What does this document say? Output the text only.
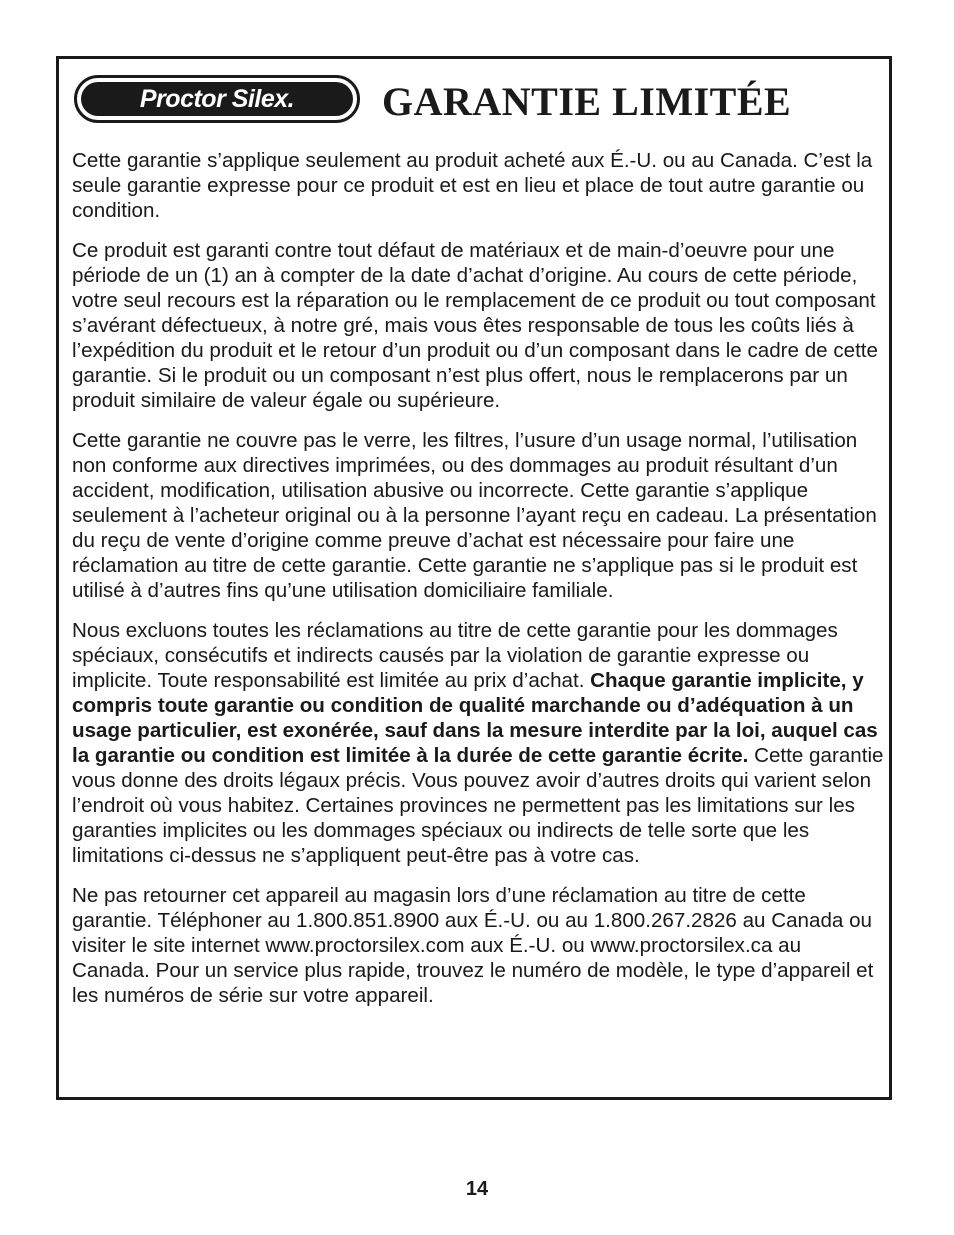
Proctor Silex. GARANTIE LIMITÉE

Cette garantie s’applique seulement au produit acheté aux É.-U. ou au Canada. C’est la seule garantie expresse pour ce produit et est en lieu et place de tout autre garantie ou condition.

Ce produit est garanti contre tout défaut de matériaux et de main-d’oeuvre pour une période de un (1) an à compter de la date d’achat d’origine. Au cours de cette période, votre seul recours est la réparation ou le remplacement de ce produit ou tout composant s’avérant défectueux, à notre gré, mais vous êtes responsable de tous les coûts liés à l’expédition du produit et le retour d’un produit ou d’un composant dans le cadre de cette garantie. Si le produit ou un composant n’est plus offert, nous le remplacerons par un produit similaire de valeur égale ou supérieure.

Cette garantie ne couvre pas le verre, les filtres, l’usure d’un usage normal, l’utilisation non conforme aux directives imprimées, ou des dommages au produit résultant d’un accident, modification, utilisation abusive ou incorrecte. Cette garantie s’applique seulement à l’acheteur original ou à la personne l’ayant reçu en cadeau. La présentation du reçu de vente d’origine comme preuve d’achat est nécessaire pour faire une réclamation au titre de cette garantie. Cette garantie ne s’applique pas si le produit est utilisé à d’autres fins qu’une utilisation domiciliaire familiale.

Nous excluons toutes les réclamations au titre de cette garantie pour les dommages spéciaux, consécutifs et indirects causés par la violation de garantie expresse ou implicite. Toute responsabilité est limitée au prix d’achat. Chaque garantie implicite, y compris toute garantie ou condition de qualité marchande ou d’adéquation à un usage particulier, est exonérée, sauf dans la mesure interdite par la loi, auquel cas la garantie ou condition est limitée à la durée de cette garantie écrite. Cette garantie vous donne des droits légaux précis. Vous pouvez avoir d’autres droits qui varient selon l’endroit où vous habitez. Certaines provinces ne permettent pas les limitations sur les garanties implicites ou les dommages spéciaux ou indirects de telle sorte que les limitations ci-dessus ne s’appliquent peut-être pas à votre cas.

Ne pas retourner cet appareil au magasin lors d’une réclamation au titre de cette garantie. Téléphoner au 1.800.851.8900 aux É.-U. ou au 1.800.267.2826 au Canada ou visiter le site internet www.proctorsilex.com aux É.-U. ou www.proctorsilex.ca au Canada. Pour un service plus rapide, trouvez le numéro de modèle, le type d’appareil et les numéros de série sur votre appareil.

14
